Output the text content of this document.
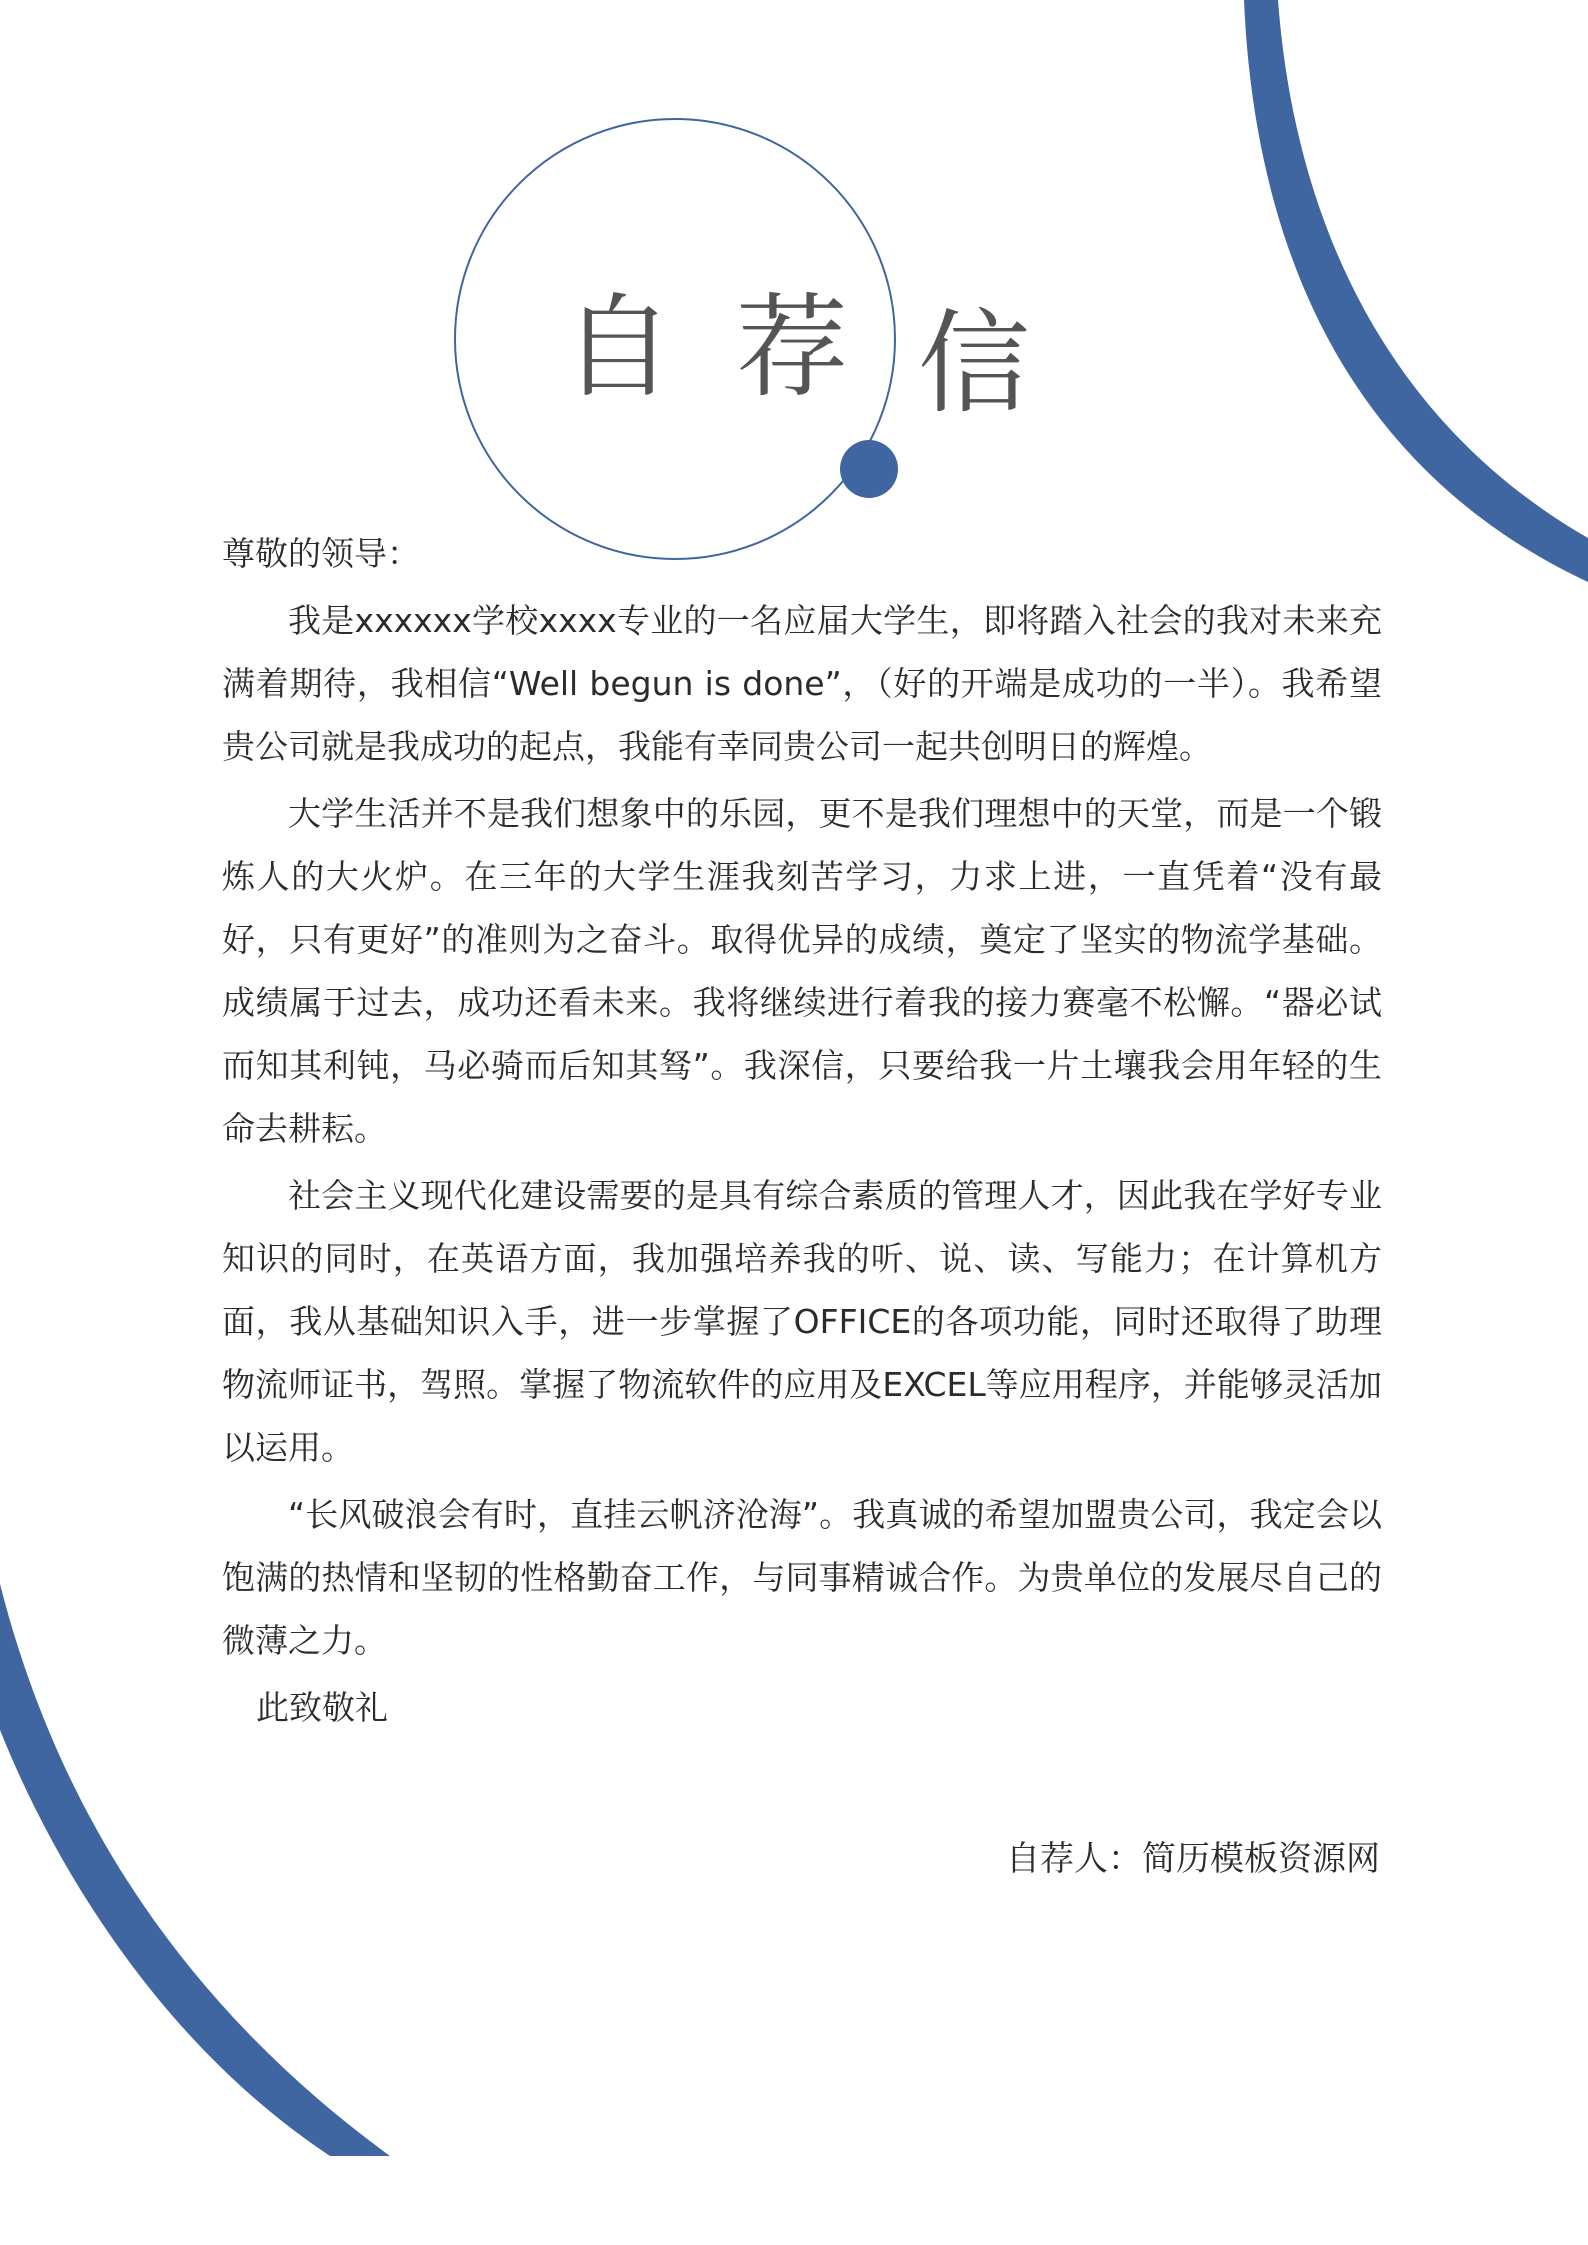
自 荐 信

尊敬的领导：

我是xxxxxx学校xxxx专业的一名应届大学生，即将踏入社会的我对未来充满着期待，我相信“Well begun is done”，（好的开端是成功的一半）。我希望贵公司就是我成功的起点，我能有幸同贵公司一起共创明日的辉煌。

大学生活并不是我们想象中的乐园，更不是我们理想中的天堂，而是一个锻炼人的大火炉。在三年的大学生涯我刻苦学习，力求上进，一直凭着“没有最好，只有更好”的准则为之奋斗。取得优异的成绩，奠定了坚实的物流学基础。成绩属于过去，成功还看未来。我将继续进行着我的接力赛毫不松懈。“器必试而知其利钝，马必骑而后知其驽”。我深信，只要给我一片土壤我会用年轻的生命去耕耘。

社会主义现代化建设需要的是具有综合素质的管理人才，因此我在学好专业知识的同时，在英语方面，我加强培养我的听、说、读、写能力；在计算机方面，我从基础知识入手，进一步掌握了OFFICE的各项功能，同时还取得了助理物流师证书，驾照。掌握了物流软件的应用及EXCEL等应用程序，并能够灵活加以运用。

“长风破浪会有时，直挂云帆济沧海”。我真诚的希望加盟贵公司，我定会以饱满的热情和坚韧的性格勤奋工作，与同事精诚合作。为贵单位的发展尽自己的微薄之力。

此致敬礼

自荐人：简历模板资源网
